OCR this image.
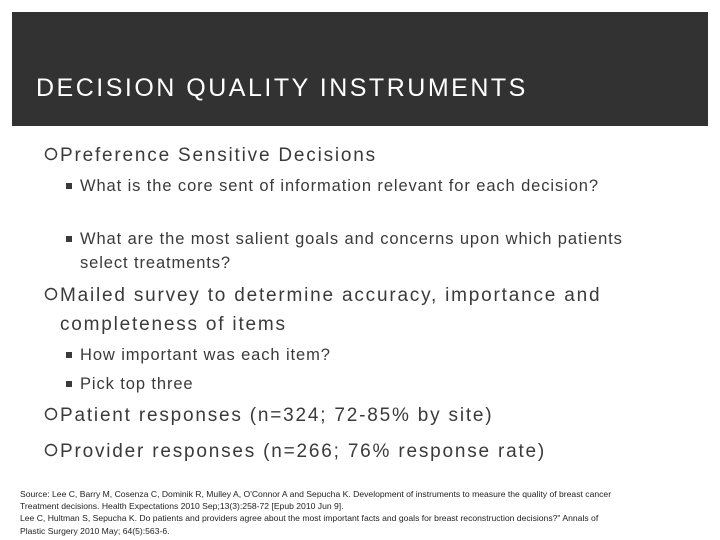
DECISION QUALITY INSTRUMENTS
Preference Sensitive Decisions
What is the core sent of information relevant for each decision?
What are the most salient goals and concerns upon which patients select treatments?
Mailed survey to determine accuracy, importance and completeness of items
How important was each item?
Pick top three
Patient responses (n=324; 72-85% by site)
Provider responses (n=266; 76% response rate)
Source: Lee C, Barry M, Cosenza C, Dominik R, Mulley A, O'Connor A and Sepucha K. Development of instruments to measure the quality of breast cancer
Treatment decisions. Health Expectations 2010 Sep;13(3):258-72 [Epub 2010 Jun 9].
Lee C, Hultman S, Sepucha K. Do patients and providers agree about the most important facts and goals for breast reconstruction decisions?" Annals of
Plastic Surgery 2010 May; 64(5):563-6.
